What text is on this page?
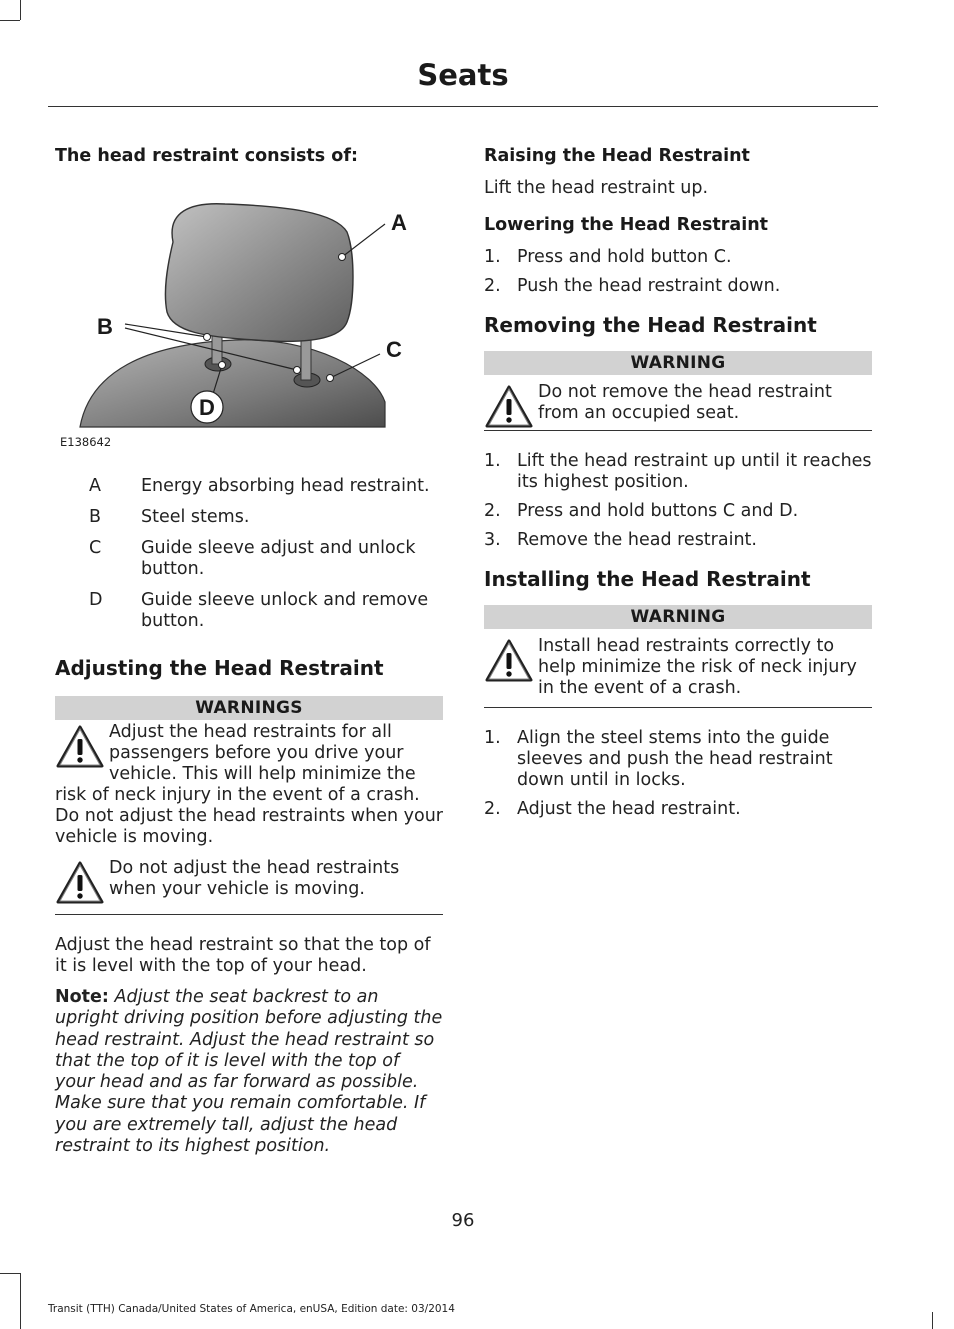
Seats
The head restraint consists of:
A
B
C
D
E138642
A	Energy absorbing head restraint.
B	Steel stems.
C	Guide sleeve adjust and unlock button.
D	Guide sleeve unlock and remove button.
Adjusting the Head Restraint
WARNINGS
Adjust the head restraints for all passengers before you drive your vehicle. This will help minimize the risk of neck injury in the event of a crash. Do not adjust the head restraints when your vehicle is moving.
Do not adjust the head restraints when your vehicle is moving.

Adjust the head restraint so that the top of it is level with the top of your head.

Note: Adjust the seat backrest to an upright driving position before adjusting the head restraint. Adjust the head restraint so that the top of it is level with the top of your head and as far forward as possible. Make sure that you remain comfortable. If you are extremely tall, adjust the head restraint to its highest position.

Raising the Head Restraint

Lift the head restraint up.

Lowering the Head Restraint
1. Press and hold button C.
2. Push the head restraint down.
Removing the Head Restraint
WARNING
Do not remove the head restraint from an occupied seat.
1. Lift the head restraint up until it reaches its highest position.
2. Press and hold buttons C and D.
3. Remove the head restraint.
Installing the Head Restraint
WARNING
Install head restraints correctly to help minimize the risk of neck injury in the event of a crash.
1. Align the steel stems into the guide sleeves and push the head restraint down until in locks.
2. Adjust the head restraint.
96
Transit (TTH) Canada/United States of America, enUSA, Edition date: 03/2014
